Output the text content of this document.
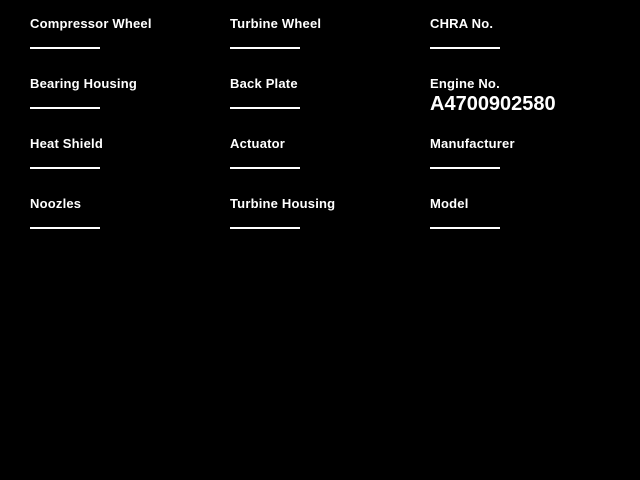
Compressor Wheel
Bearing Housing
Heat Shield
Noozles
Turbine Wheel
Back Plate
Actuator
Turbine Housing
CHRA No.
Engine No.
A4700902580
Manufacturer
Model
